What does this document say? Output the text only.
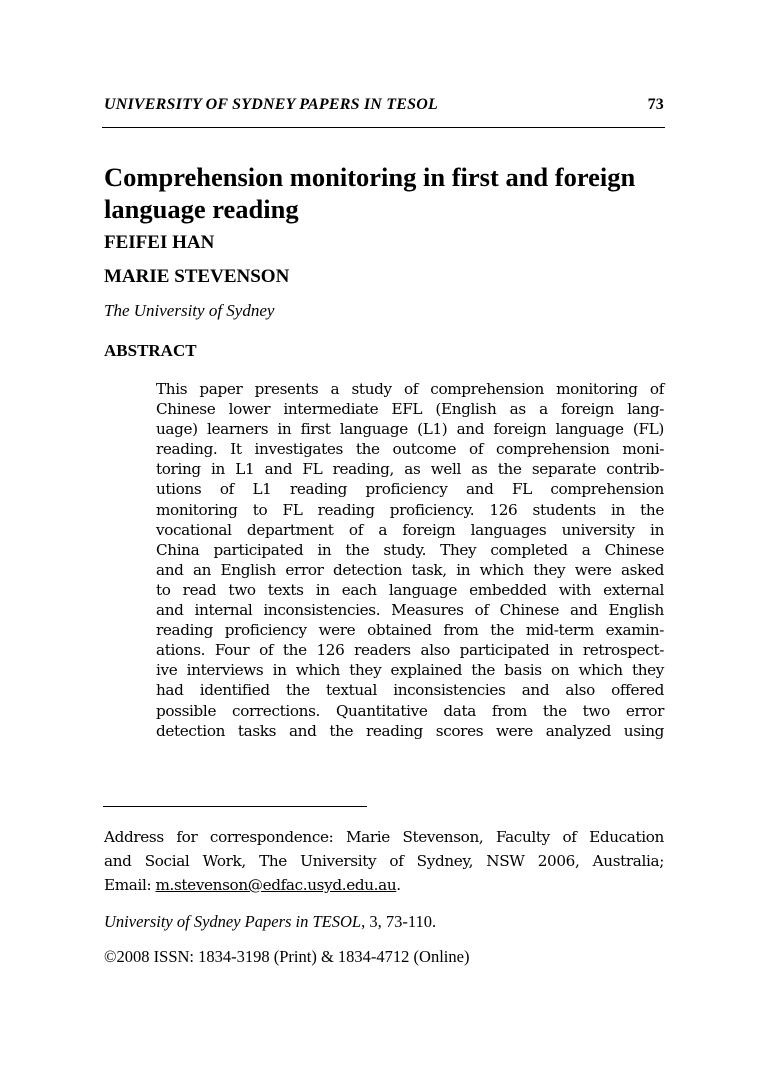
UNIVERSITY OF SYDNEY PAPERS IN TESOL	73
Comprehension monitoring in first and foreign language reading
FEIFEI HAN
MARIE STEVENSON
The University of Sydney
ABSTRACT
This paper presents a study of comprehension monitoring of
Chinese lower intermediate EFL (English as a foreign lang-
uage) learners in first language (L1) and foreign language (FL)
reading. It investigates the outcome of comprehension moni-
toring in L1 and FL reading, as well as the separate contrib-
utions of L1 reading proficiency and FL comprehension
monitoring to FL reading proficiency. 126 students in the
vocational department of a foreign languages university in
China participated in the study. They completed a Chinese
and an English error detection task, in which they were asked
to read two texts in each language embedded with external
and internal inconsistencies. Measures of Chinese and English
reading proficiency were obtained from the mid-term examin-
ations. Four of the 126 readers also participated in retrospect-
ive interviews in which they explained the basis on which they
had identified the textual inconsistencies and also offered
possible corrections. Quantitative data from the two error
detection tasks and the reading scores were analyzed using
Address for correspondence: Marie Stevenson, Faculty of Education
and Social Work, The University of Sydney, NSW 2006, Australia;
Email: m.stevenson@edfac.usyd.edu.au.
University of Sydney Papers in TESOL, 3, 73-110.
©2008 ISSN: 1834-3198 (Print) & 1834-4712 (Online)
